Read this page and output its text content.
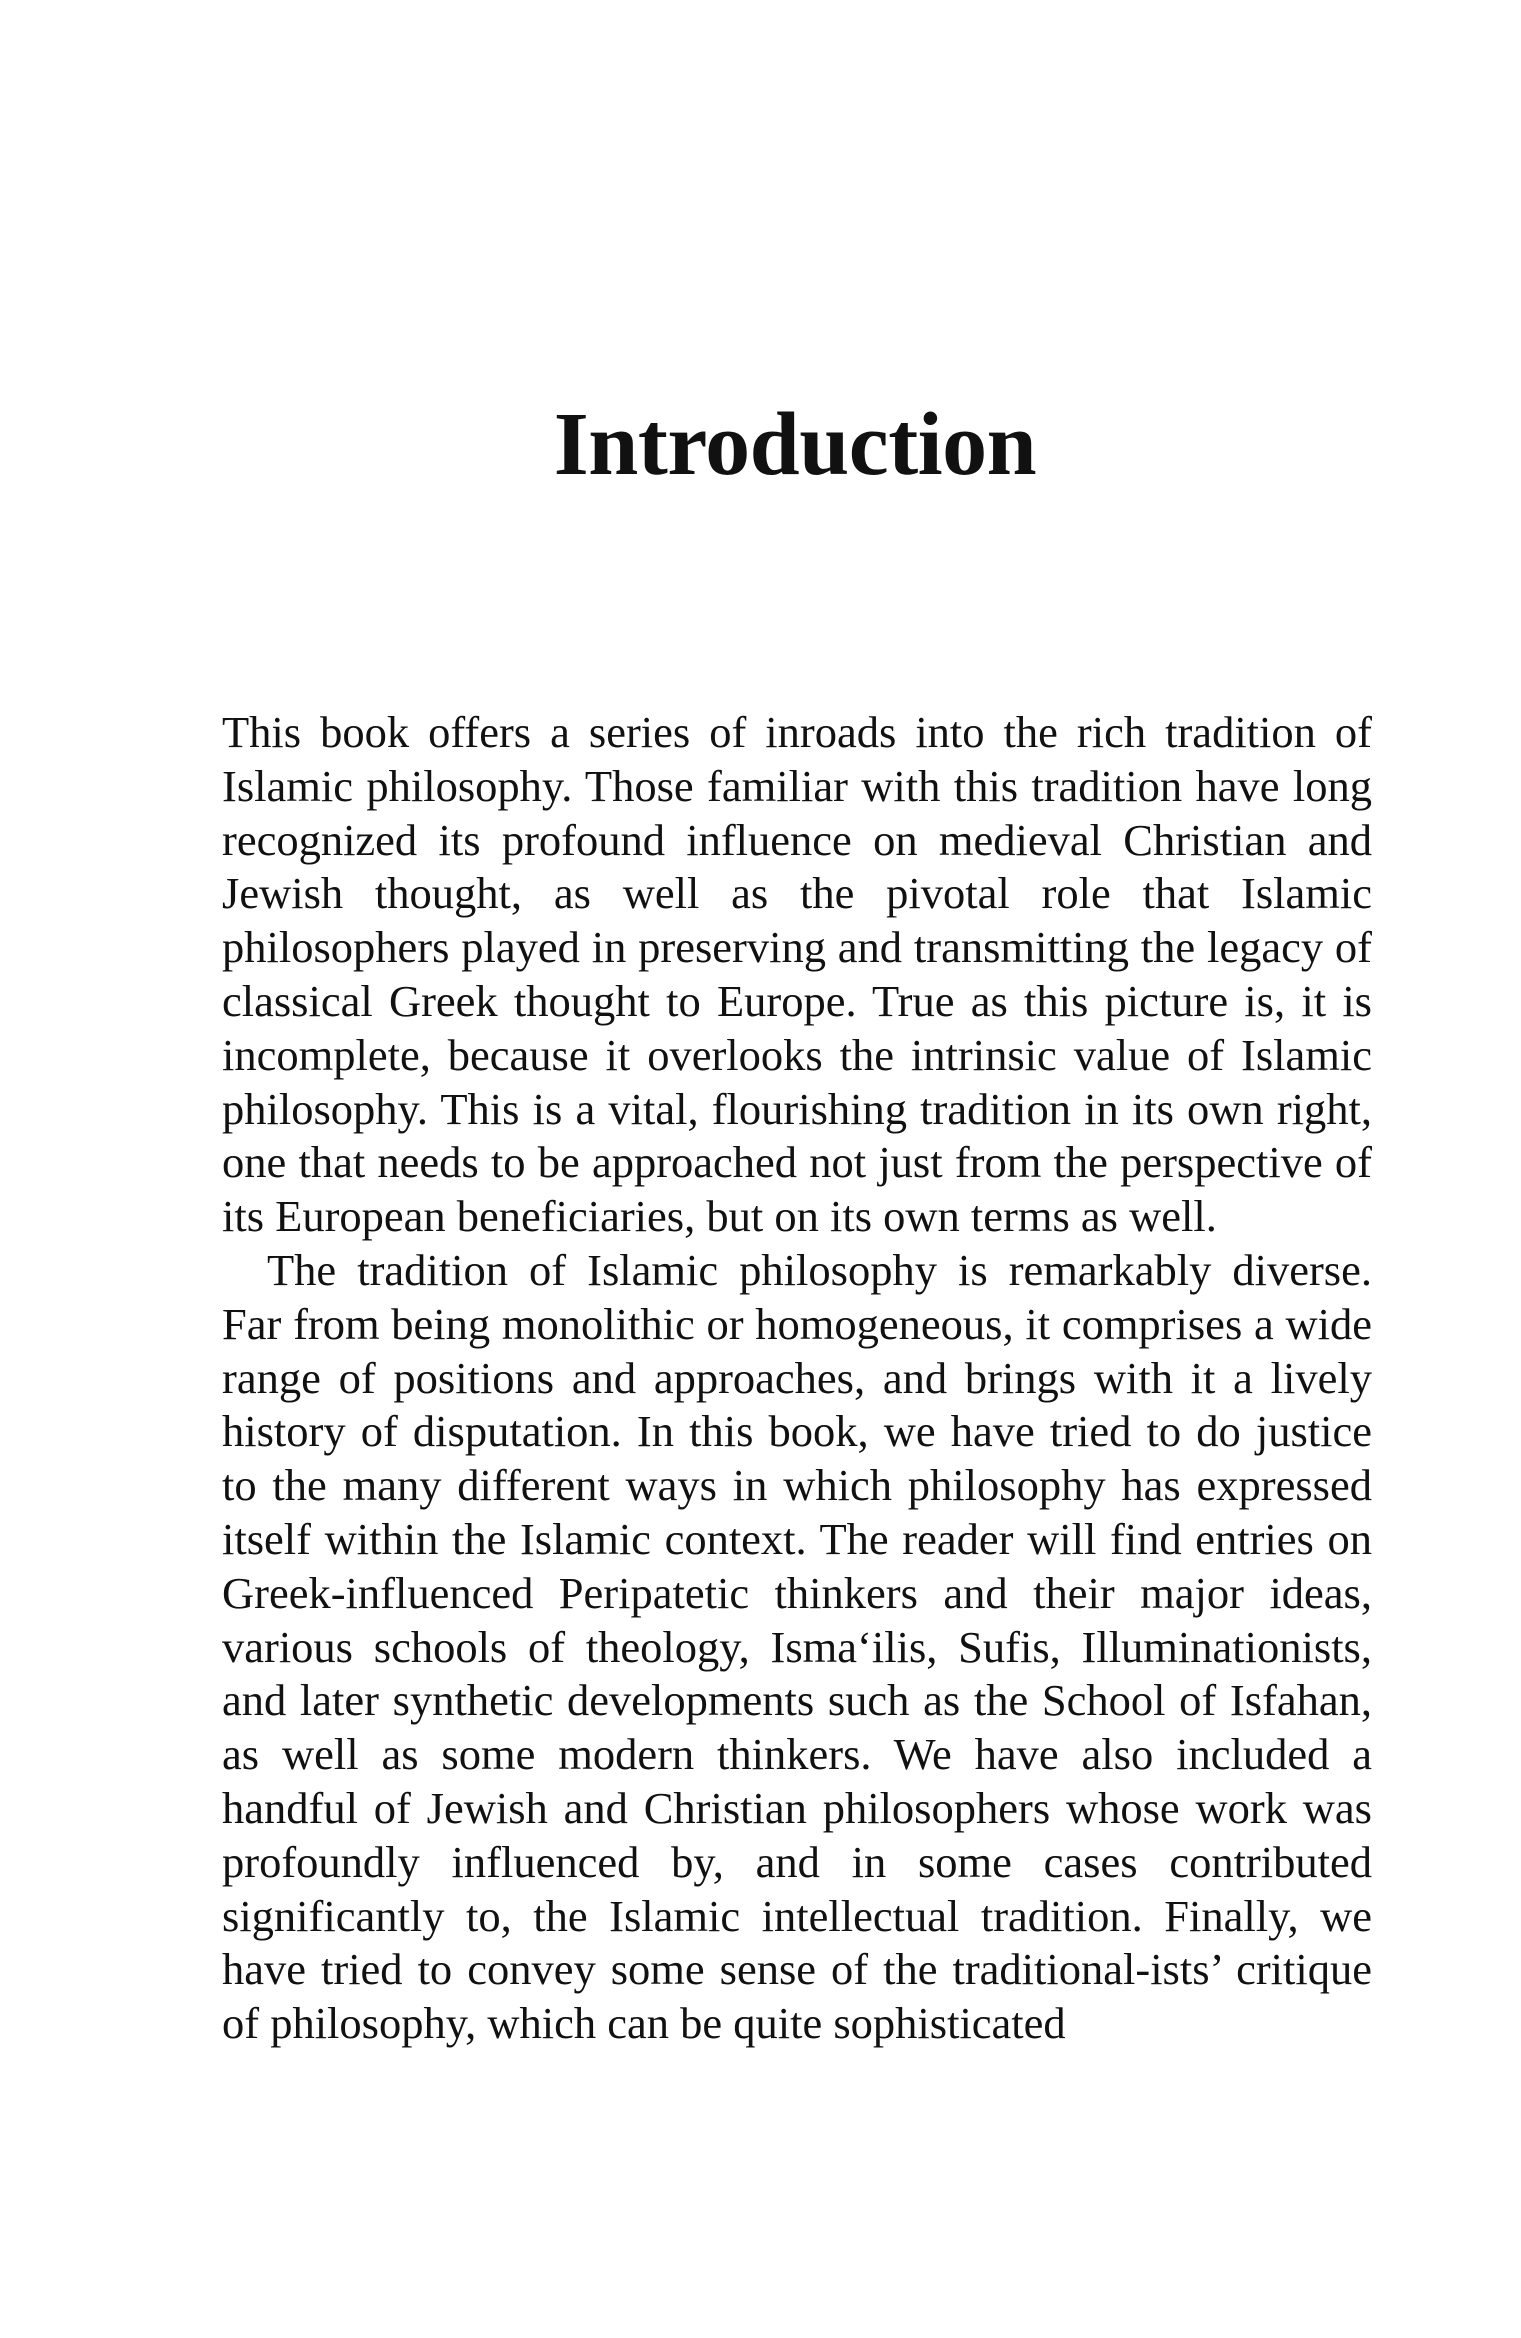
Introduction

This book offers a series of inroads into the rich tradition of Islamic philosophy. Those familiar with this tradition have long recognized its profound influence on medieval Christian and Jewish thought, as well as the pivotal role that Islamic philosophers played in preserving and transmitting the legacy of classical Greek thought to Europe. True as this picture is, it is incomplete, because it overlooks the intrinsic value of Islamic philosophy. This is a vital, flourishing tradition in its own right, one that needs to be approached not just from the perspective of its European beneficiaries, but on its own terms as well.

The tradition of Islamic philosophy is remarkably diverse. Far from being monolithic or homogeneous, it comprises a wide range of positions and approaches, and brings with it a lively history of disputation. In this book, we have tried to do justice to the many different ways in which philosophy has expressed itself within the Islamic context. The reader will find entries on Greek-influenced Peripatetic thinkers and their major ideas, various schools of theology, Isma‘ilis, Sufis, Illuminationists, and later synthetic developments such as the School of Isfahan, as well as some modern thinkers. We have also included a handful of Jewish and Christian philosophers whose work was profoundly influenced by, and in some cases contributed significantly to, the Islamic intellectual tradition. Finally, we have tried to convey some sense of the traditional-ists’ critique of philosophy, which can be quite sophisticated
